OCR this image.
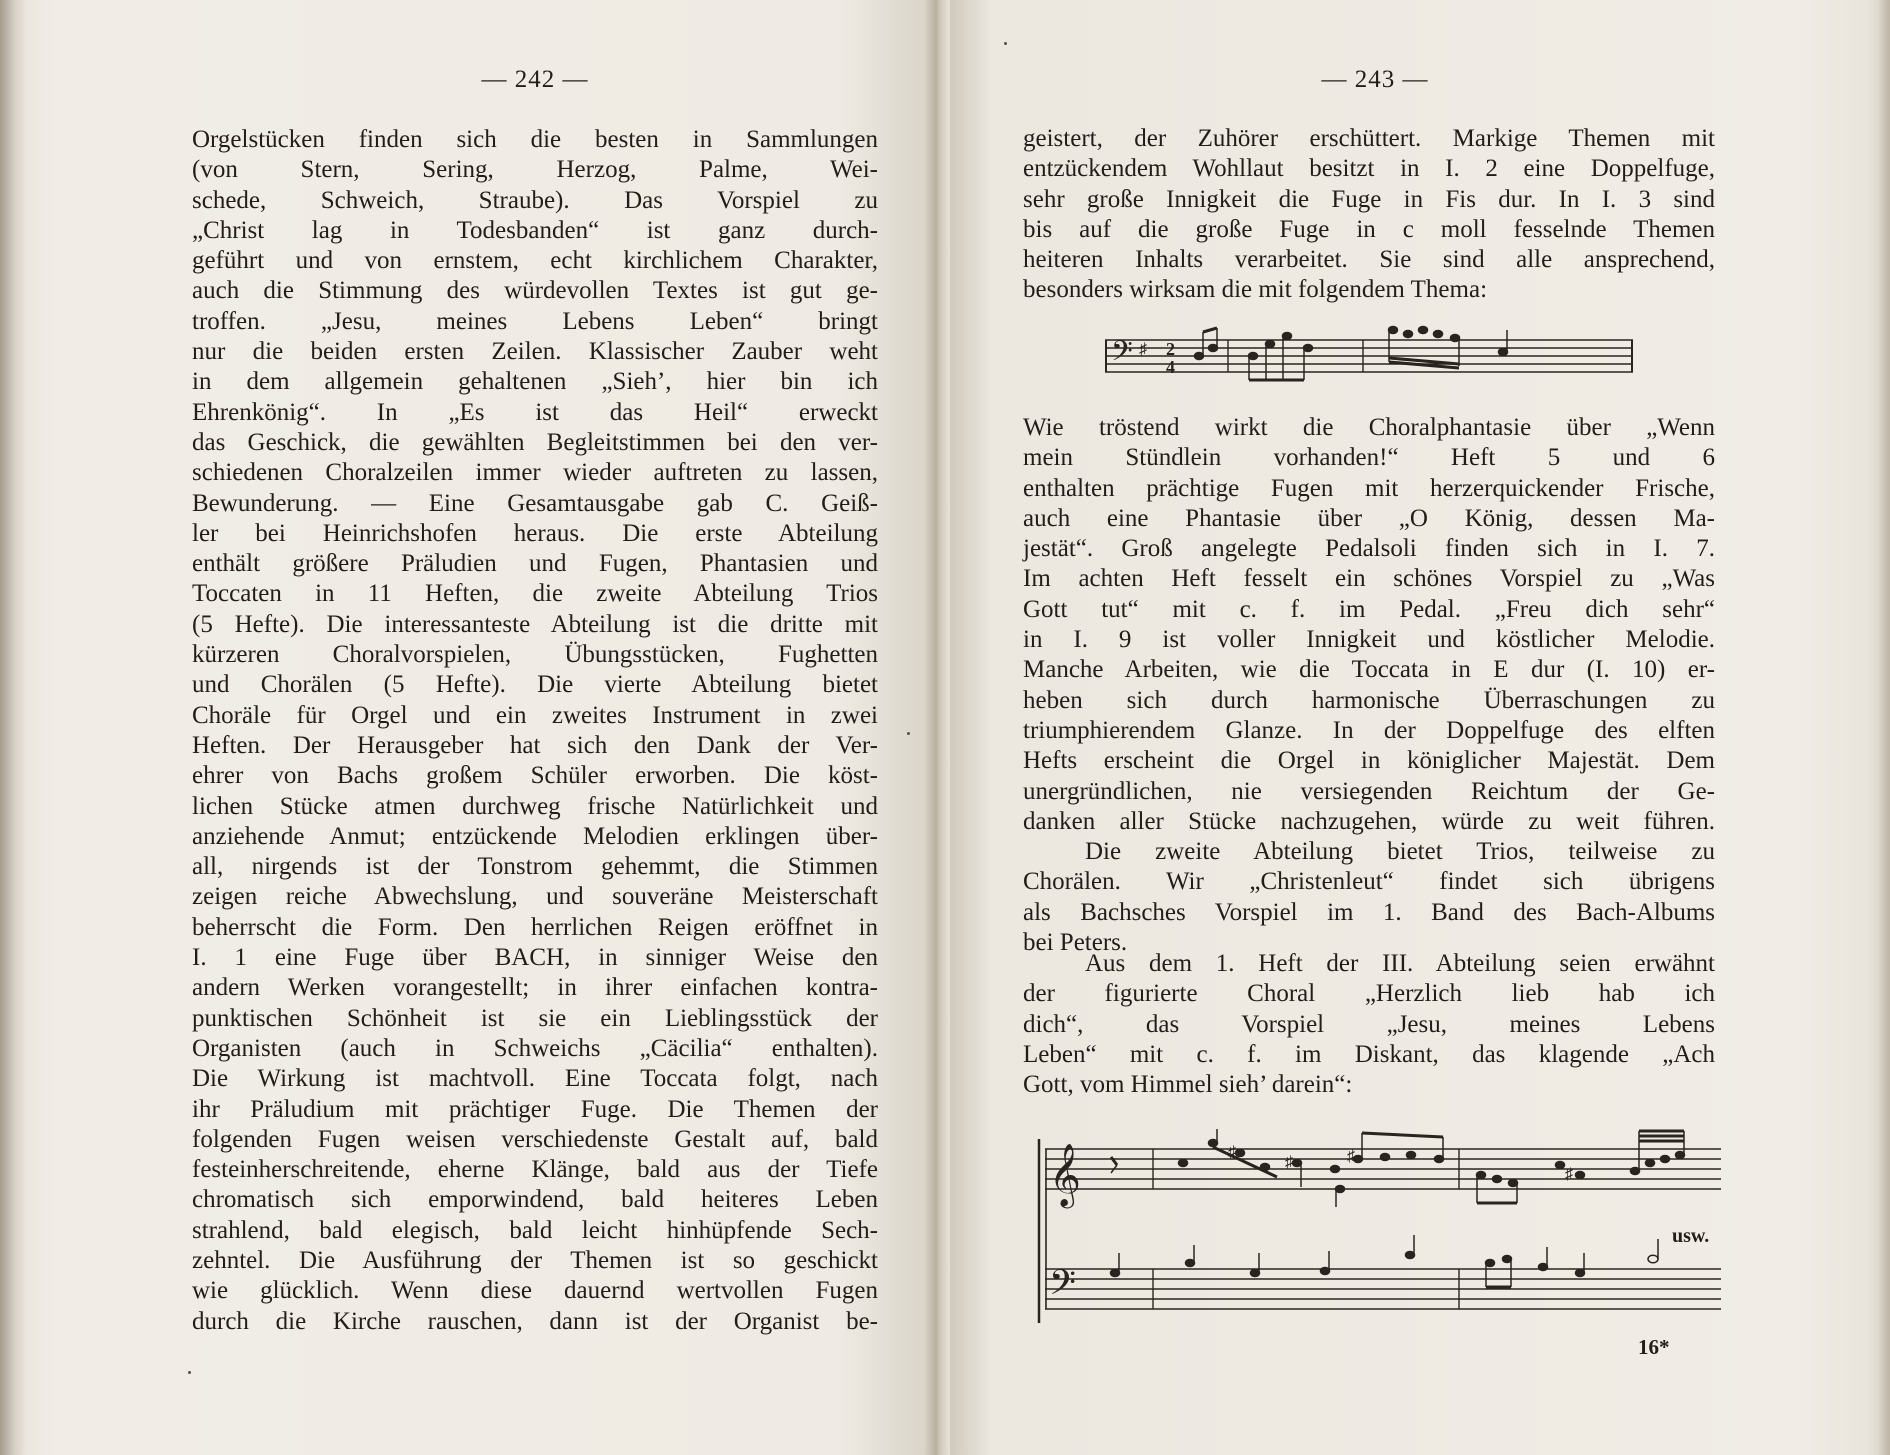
— 242 —	— 243 —
Orgelstücken finden sich die besten in Sammlungen
(von Stern, Sering, Herzog, Palme, Wei-
schede, Schweich, Straube). Das Vorspiel zu
„Christ lag in Todesbanden“ ist ganz durch-
geführt und von ernstem, echt kirchlichem Charakter,
auch die Stimmung des würdevollen Textes ist gut ge-
troffen. „Jesu, meines Lebens Leben“ bringt
nur die beiden ersten Zeilen. Klassischer Zauber weht
in dem allgemein gehaltenen „Sieh’, hier bin ich
Ehrenkönig“. In „Es ist das Heil“ erweckt
das Geschick, die gewählten Begleitstimmen bei den ver-
schiedenen Choralzeilen immer wieder auftreten zu lassen,
Bewunderung. — Eine Gesamtausgabe gab C. Geiß-
ler bei Heinrichshofen heraus. Die erste Abteilung
enthält größere Präludien und Fugen, Phantasien und
Toccaten in 11 Heften, die zweite Abteilung Trios
(5 Hefte). Die interessanteste Abteilung ist die dritte mit
kürzeren Choralvorspielen, Übungsstücken, Fughetten
und Chorälen (5 Hefte). Die vierte Abteilung bietet
Choräle für Orgel und ein zweites Instrument in zwei
Heften. Der Herausgeber hat sich den Dank der Ver-
ehrer von Bachs großem Schüler erworben. Die köst-
lichen Stücke atmen durchweg frische Natürlichkeit und
anziehende Anmut; entzückende Melodien erklingen über-
all, nirgends ist der Tonstrom gehemmt, die Stimmen
zeigen reiche Abwechslung, und souveräne Meisterschaft
beherrscht die Form. Den herrlichen Reigen eröffnet in
I. 1 eine Fuge über BACH, in sinniger Weise den
andern Werken vorangestellt; in ihrer einfachen kontra-
punktischen Schönheit ist sie ein Lieblingsstück der
Organisten (auch in Schweichs „Cäcilia“ enthalten).
Die Wirkung ist machtvoll. Eine Toccata folgt, nach
ihr Präludium mit prächtiger Fuge. Die Themen der
folgenden Fugen weisen verschiedenste Gestalt auf, bald
festeinherschreitende, eherne Klänge, bald aus der Tiefe
chromatisch sich emporwindend, bald heiteres Leben
strahlend, bald elegisch, bald leicht hinhüpfende Sech-
zehntel. Die Ausführung der Themen ist so geschickt
wie glücklich. Wenn diese dauernd wertvollen Fugen
durch die Kirche rauschen, dann ist der Organist be-
geistert, der Zuhörer erschüttert. Markige Themen mit
entzückendem Wohllaut besitzt in I. 2 eine Doppelfuge,
sehr große Innigkeit die Fuge in Fis dur. In I. 3 sind
bis auf die große Fuge in c moll fesselnde Themen
heiteren Inhalts verarbeitet. Sie sind alle ansprechend,
besonders wirksam die mit folgendem Thema:
𝄢 ♯ 2
4
Wie tröstend wirkt die Choralphantasie über „Wenn
mein Stündlein vorhanden!“ Heft 5 und 6
enthalten prächtige Fugen mit herzerquickender Frische,
auch eine Phantasie über „O König, dessen Ma-
jestät“. Groß angelegte Pedalsoli finden sich in I. 7.
Im achten Heft fesselt ein schönes Vorspiel zu „Was
Gott tut“ mit c. f. im Pedal. „Freu dich sehr“
in I. 9 ist voller Innigkeit und köstlicher Melodie.
Manche Arbeiten, wie die Toccata in E dur (I. 10) er-
heben sich durch harmonische Überraschungen zu
triumphierendem Glanze. In der Doppelfuge des elften
Hefts erscheint die Orgel in königlicher Majestät. Dem
unergründlichen, nie versiegenden Reichtum der Ge-
danken aller Stücke nachzugehen, würde zu weit führen.
Die zweite Abteilung bietet Trios, teilweise zu
Chorälen. Wir „Christenleut“ findet sich übrigens
als Bachsches Vorspiel im 1. Band des Bach-Albums
bei Peters.
Aus dem 1. Heft der III. Abteilung seien erwähnt
der figurierte Choral „Herzlich lieb hab ich
dich“, das Vorspiel „Jesu, meines Lebens
Leben“ mit c. f. im Diskant, das klagende „Ach
Gott, vom Himmel sieh’ darein“:
𝄞
𝄢
♯
♯	♯
♯
usw.
16*
